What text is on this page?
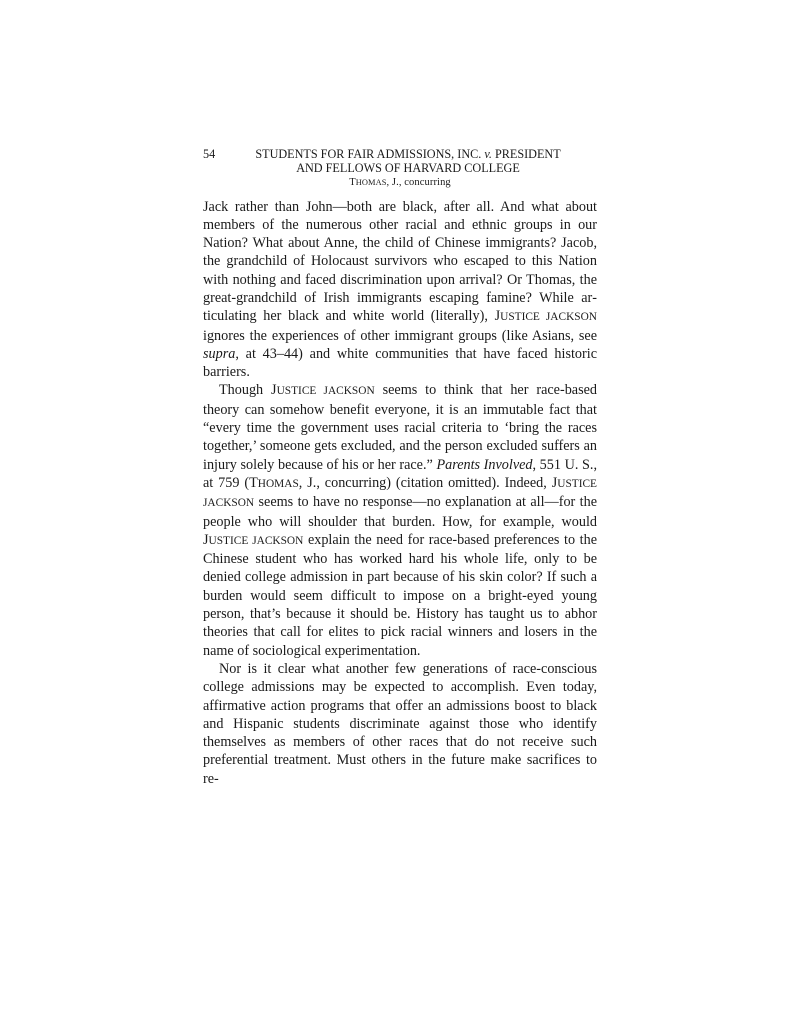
54	STUDENTS FOR FAIR ADMISSIONS, INC. v. PRESIDENT
AND FELLOWS OF HARVARD COLLEGE
THOMAS, J., concurring

Jack rather than John—both are black, after all. And what about members of the numerous other racial and ethnic groups in our Nation? What about Anne, the child of Chinese immigrants? Jacob, the grandchild of Holocaust survivors who escaped to this Nation with nothing and faced discrimination upon arrival? Or Thomas, the great-grandchild of Irish immigrants escaping famine? While articulating her black and white world (literally), JUSTICE JACKSON ignores the experiences of other immigrant groups (like Asians, see supra, at 43–44) and white communities that have faced historic barriers.

Though JUSTICE JACKSON seems to think that her race-based theory can somehow benefit everyone, it is an immutable fact that “every time the government uses racial criteria to ‘bring the races together,’ someone gets excluded, and the person excluded suffers an injury solely because of his or her race.” Parents Involved, 551 U. S., at 759 (THOMAS, J., concurring) (citation omitted). Indeed, JUSTICE JACKSON seems to have no response—no explanation at all—for the people who will shoulder that burden. How, for example, would JUSTICE JACKSON explain the need for race-based preferences to the Chinese student who has worked hard his whole life, only to be denied college admission in part because of his skin color? If such a burden would seem difficult to impose on a bright-eyed young person, that’s because it should be. History has taught us to abhor theories that call for elites to pick racial winners and losers in the name of sociological experimentation.

Nor is it clear what another few generations of race-conscious college admissions may be expected to accomplish. Even today, affirmative action programs that offer an admissions boost to black and Hispanic students discriminate against those who identify themselves as members of other races that do not receive such preferential treatment. Must others in the future make sacrifices to re-
